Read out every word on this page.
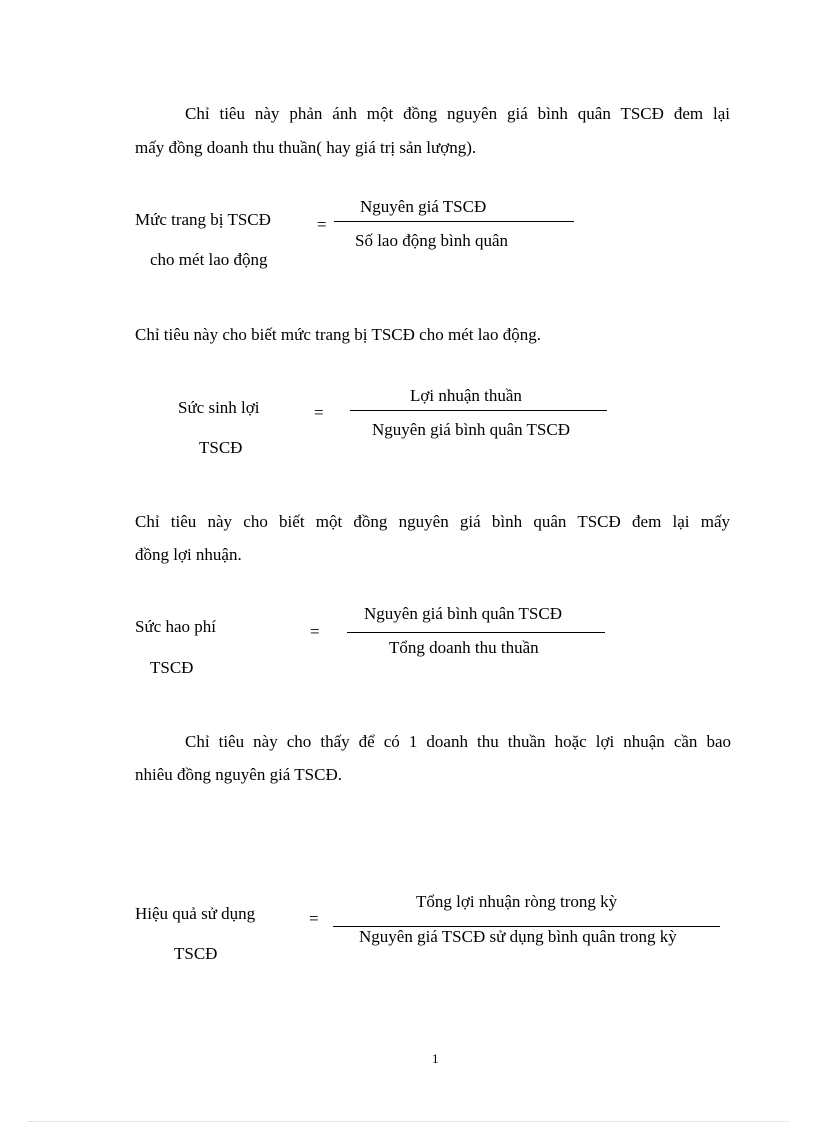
Chỉ tiêu này phản ánh một đồng nguyên giá bình quân TSCĐ đem lại
mấy đồng doanh thu thuần( hay giá trị sản lượng).
Mức trang bị TSCĐ
cho mét lao động
=
Nguyên giá TSCĐ
Số lao động bình quân
Chỉ tiêu này cho biết mức trang bị TSCĐ cho mét lao động.
Sức sinh lợi
TSCĐ
=
Lợi nhuận thuần
Nguyên giá bình quân TSCĐ
Chỉ tiêu này cho biết một đồng nguyên giá bình quân TSCĐ đem lại mấy
đồng lợi nhuận.
Sức hao phí
TSCĐ
=
Nguyên giá bình quân TSCĐ
Tổng doanh thu thuần
Chỉ tiêu này cho thấy để có 1 doanh thu thuần hoặc lợi nhuận cần bao
nhiêu đồng nguyên giá TSCĐ.
Hiệu quả sử dụng
TSCĐ
=
Tổng lợi nhuận ròng trong kỳ
Nguyên giá TSCĐ sử dụng bình quân trong kỳ
1
